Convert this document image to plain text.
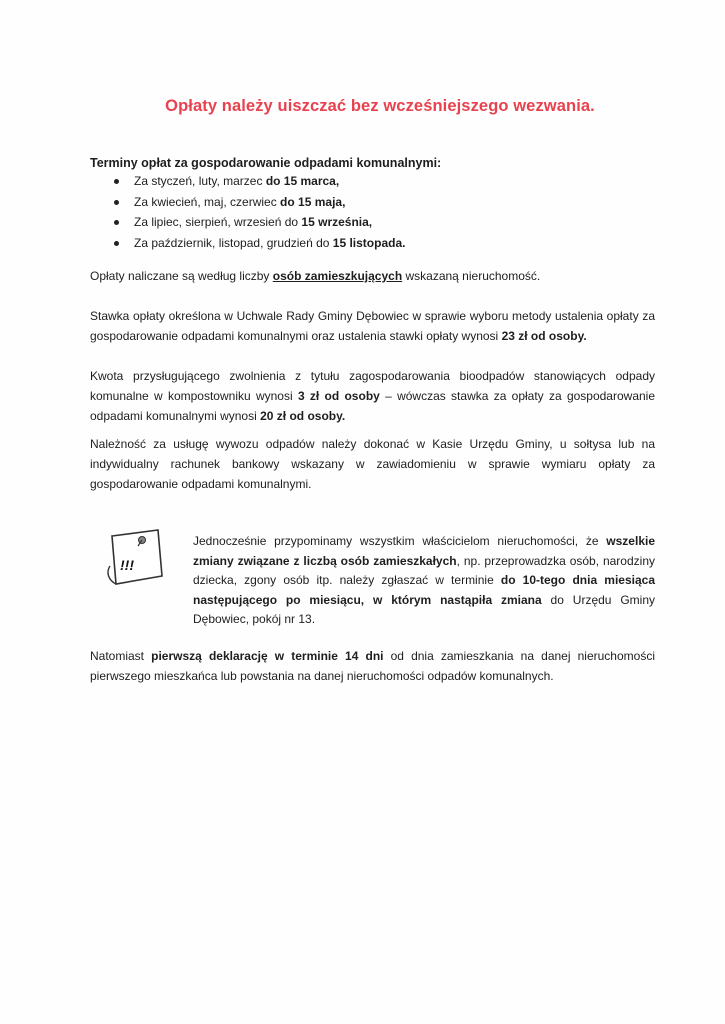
Opłaty należy uiszczać bez wcześniejszego wezwania.
Terminy opłat za gospodarowanie odpadami komunalnymi:
Za styczeń, luty, marzec do 15 marca,
Za kwiecień, maj, czerwiec do 15 maja,
Za lipiec, sierpień, wrzesień do 15 września,
Za październik, listopad, grudzień do 15 listopada.
Opłaty naliczane są według liczby osób zamieszkujących wskazaną nieruchomość.
Stawka opłaty określona w Uchwale Rady Gminy Dębowiec w sprawie wyboru metody ustalenia opłaty za gospodarowanie odpadami komunalnymi oraz ustalenia stawki opłaty wynosi 23 zł od osoby.
Kwota przysługującego zwolnienia z tytułu zagospodarowania bioodpadów stanowiących odpady komunalne w kompostowniku wynosi 3 zł od osoby – wówczas stawka za opłaty za gospodarowanie odpadami komunalnymi wynosi 20 zł od osoby.
Należność za usługę wywozu odpadów należy dokonać w Kasie Urzędu Gminy, u sołtysa lub na indywidualny rachunek bankowy wskazany w zawiadomieniu w sprawie wymiaru opłaty za gospodarowanie odpadami komunalnymi.
!!!
Jednocześnie przypominamy wszystkim właścicielom nieruchomości, że wszelkie zmiany związane z liczbą osób zamieszkałych, np. przeprowadzka osób, narodziny dziecka, zgony osób itp. należy zgłaszać w terminie do 10-tego dnia miesiąca następującego po miesiącu, w którym nastąpiła zmiana do Urzędu Gminy Dębowiec, pokój nr 13.
Natomiast pierwszą deklarację w terminie 14 dni od dnia zamieszkania na danej nieruchomości pierwszego mieszkańca lub powstania na danej nieruchomości odpadów komunalnych.
